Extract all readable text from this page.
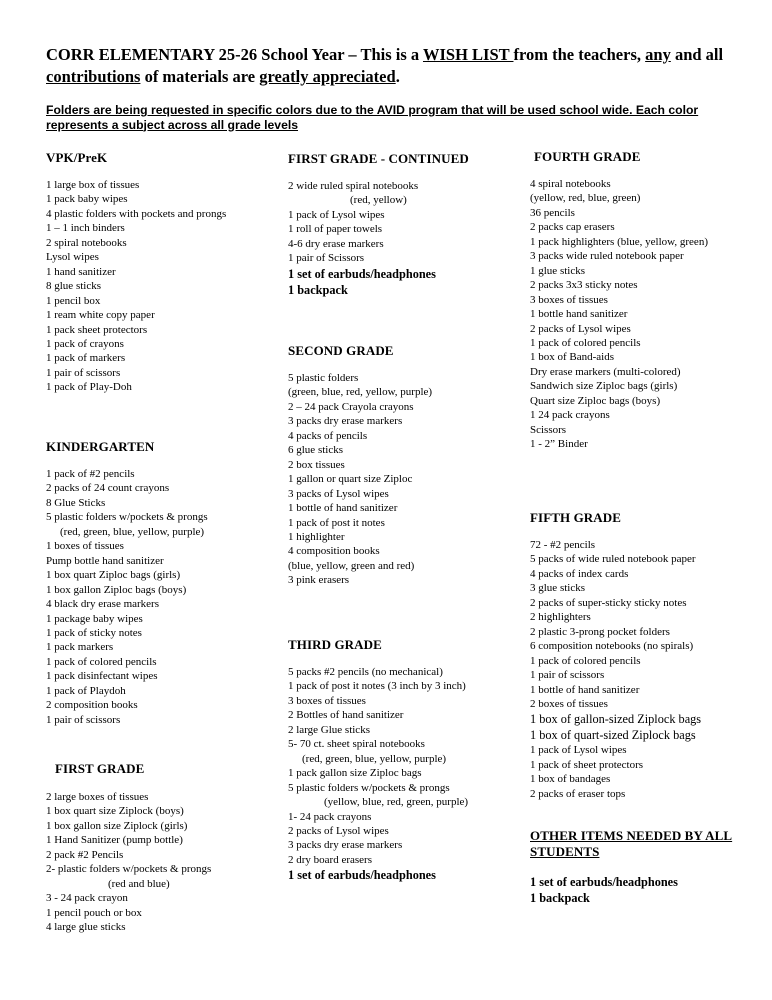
CORR ELEMENTARY 25-26 School Year – This is a WISH LIST from the teachers, any and all contributions of materials are greatly appreciated.
Folders are being requested in specific colors due to the AVID program that will be used school wide. Each color represents a subject across all grade levels
VPK/PreK
1 large box of tissues
1 pack baby wipes
4 plastic folders with pockets and prongs
1 – 1 inch binders
2 spiral notebooks
Lysol wipes
1 hand sanitizer
8 glue sticks
1 pencil box
1 ream white copy paper
1 pack sheet protectors
1 pack of crayons
1 pack of markers
1 pair of scissors
1 pack of Play-Doh
KINDERGARTEN
1 pack of #2 pencils
2 packs of 24 count crayons
8 Glue Sticks
5 plastic folders w/pockets & prongs
(red, green, blue, yellow, purple)
1 boxes of tissues
Pump bottle hand sanitizer
1 box quart Ziploc bags (girls)
1 box gallon Ziploc bags (boys)
4 black dry erase markers
1 package baby wipes
1 pack of sticky notes
1 pack markers
1 pack of colored pencils
1 pack disinfectant wipes
1 pack of Playdoh
2 composition books
1 pair of scissors
FIRST GRADE
2 large boxes of tissues
1 box quart size Ziplock (boys)
1 box gallon size Ziplock (girls)
1 Hand Sanitizer (pump bottle)
2 pack #2 Pencils
2- plastic folders w/pockets & prongs
(red and blue)
3 - 24 pack crayon
1 pencil pouch or box
4 large glue sticks
FIRST GRADE - CONTINUED
2 wide ruled spiral notebooks
(red, yellow)
1 pack of Lysol wipes
1 roll of paper towels
4-6 dry erase markers
1 pair of Scissors
1 set of earbuds/headphones
1 backpack
SECOND GRADE
5 plastic folders
(green, blue, red, yellow, purple)
2 – 24 pack Crayola crayons
3 packs dry erase markers
4 packs of pencils
6 glue sticks
2 box tissues
1 gallon or quart size Ziploc
3 packs of Lysol wipes
1 bottle of hand sanitizer
1 pack of post it notes
1 highlighter
4 composition books
(blue, yellow, green and red)
3 pink erasers
THIRD GRADE
5 packs #2 pencils (no mechanical)
1 pack of post it notes (3 inch by 3 inch)
3 boxes of tissues
2 Bottles of hand sanitizer
2 large Glue sticks
5- 70 ct. sheet spiral notebooks
(red, green, blue, yellow, purple)
1 pack gallon size Ziploc bags
5 plastic folders w/pockets & prongs
(yellow, blue, red, green, purple)
1- 24 pack crayons
2 packs of Lysol wipes
3 packs dry erase markers
2 dry board erasers
1 set of earbuds/headphones
FOURTH GRADE
4 spiral notebooks
(yellow, red, blue, green)
36 pencils
2 packs cap erasers
1 pack highlighters (blue, yellow, green)
3 packs wide ruled notebook paper
1 glue sticks
2 packs 3x3 sticky notes
3 boxes of tissues
1 bottle hand sanitizer
2 packs of Lysol wipes
1 pack of colored pencils
1 box of Band-aids
Dry erase markers (multi-colored)
Sandwich size Ziploc bags (girls)
Quart size Ziploc bags (boys)
1 24 pack crayons
Scissors
1 - 2” Binder
FIFTH GRADE
72 - #2 pencils
5 packs of wide ruled notebook paper
4 packs of index cards
3 glue sticks
2 packs of super-sticky sticky notes
2 highlighters
2 plastic 3-prong pocket folders
6 composition notebooks (no spirals)
1 pack of colored pencils
1 pair of scissors
1 bottle of hand sanitizer
2 boxes of tissues
1 box of gallon-sized Ziplock bags
1 box of quart-sized Ziplock bags
1 pack of Lysol wipes
1 pack of sheet protectors
1 box of bandages
2 packs of eraser tops
OTHER ITEMS NEEDED BY ALL STUDENTS
1 set of earbuds/headphones
1 backpack
